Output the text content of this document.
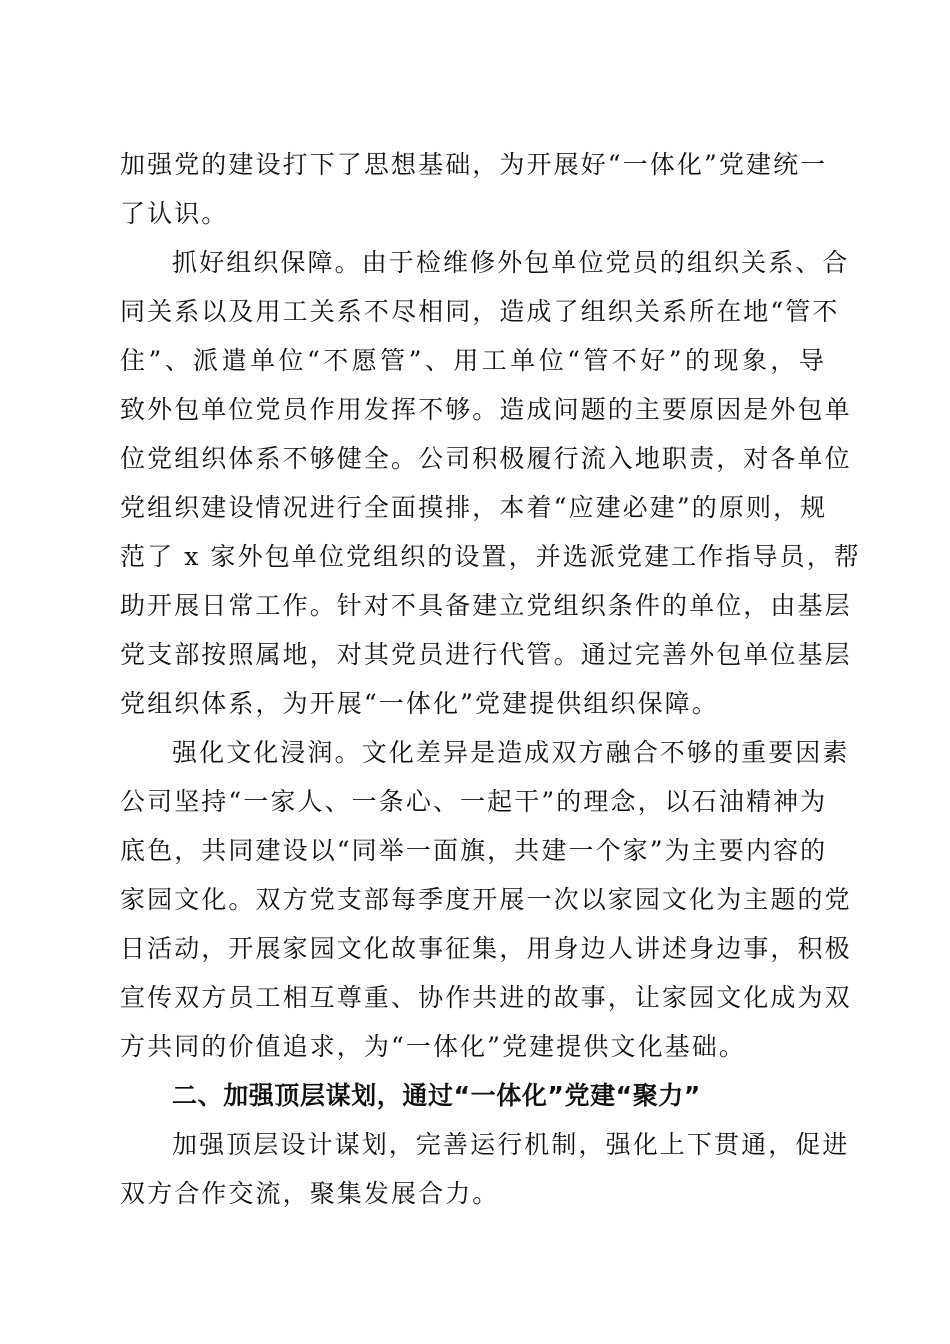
加强党的建设打下了思想基础，为开展好“一体化”党建统一
了认识。
抓好组织保障。由于检维修外包单位党员的组织关系、合
同关系以及用工关系不尽相同，造成了组织关系所在地“管不
住”、派遣单位“不愿管”、用工单位“管不好”的现象，导
致外包单位党员作用发挥不够。造成问题的主要原因是外包单
位党组织体系不够健全。公司积极履行流入地职责，对各单位
党组织建设情况进行全面摸排，本着“应建必建”的原则，规
范了 x 家外包单位党组织的设置，并选派党建工作指导员，帮
助开展日常工作。针对不具备建立党组织条件的单位，由基层
党支部按照属地，对其党员进行代管。通过完善外包单位基层
党组织体系，为开展“一体化”党建提供组织保障。
强化文化浸润。文化差异是造成双方融合不够的重要因素
公司坚持“一家人、一条心、一起干”的理念，以石油精神为
底色，共同建设以“同举一面旗，共建一个家”为主要内容的
家园文化。双方党支部每季度开展一次以家园文化为主题的党
日活动，开展家园文化故事征集，用身边人讲述身边事，积极
宣传双方员工相互尊重、协作共进的故事，让家园文化成为双
方共同的价值追求，为“一体化”党建提供文化基础。
二、加强顶层谋划，通过“一体化”党建“聚力”
加强顶层设计谋划，完善运行机制，强化上下贯通，促进
双方合作交流，聚集发展合力。
